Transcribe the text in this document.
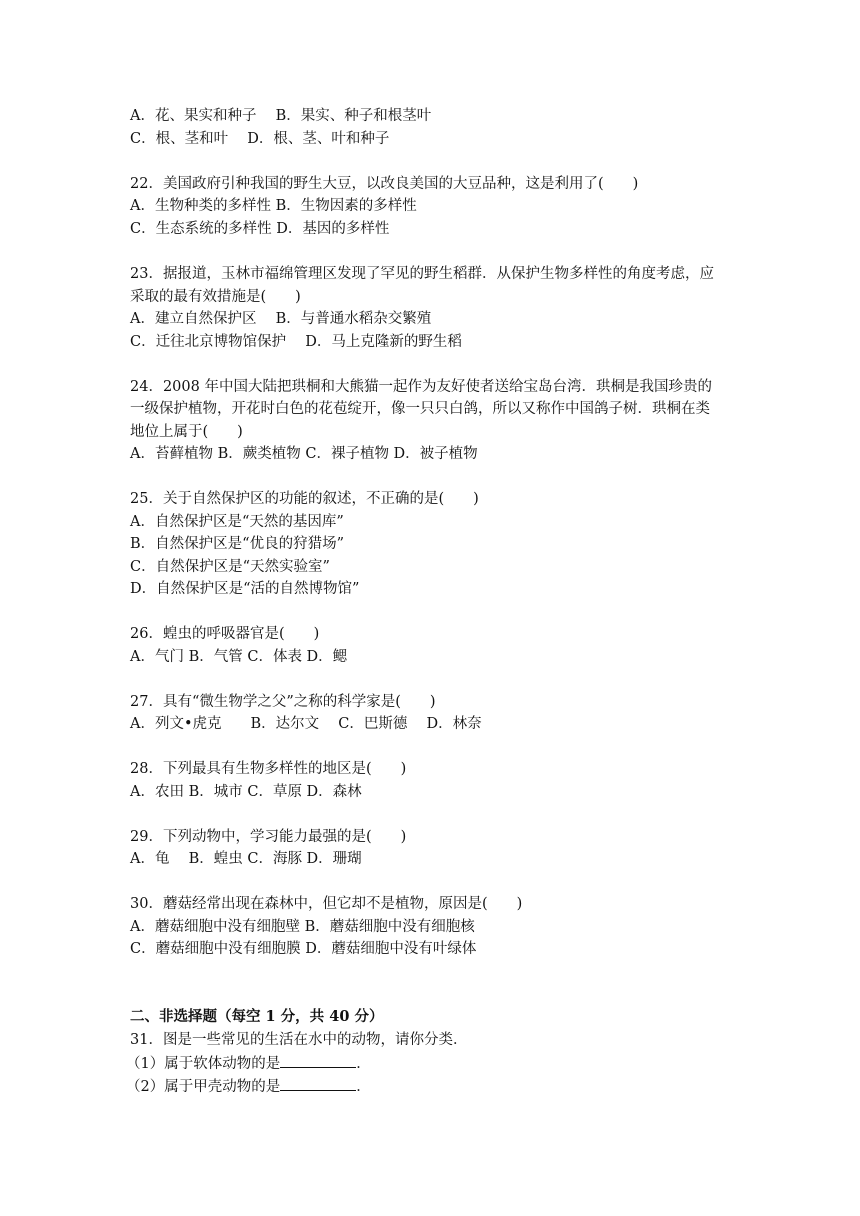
A．花、果实和种子　 B．果实、种子和根茎叶
C．根、茎和叶　 D．根、茎、叶和种子
22．美国政府引种我国的野生大豆，以改良美国的大豆品种，这是利用了(　　)
A．生物种类的多样性 B．生物因素的多样性
C．生态系统的多样性 D．基因的多样性
23．据报道，玉林市福绵管理区发现了罕见的野生稻群．从保护生物多样性的角度考虑，应
采取的最有效措施是(　　)
A．建立自然保护区　 B．与普通水稻杂交繁殖
C．迁往北京博物馆保护　 D．马上克隆新的野生稻
24．2008 年中国大陆把珙桐和大熊猫一起作为友好使者送给宝岛台湾．珙桐是我国珍贵的
一级保护植物，开花时白色的花苞绽开，像一只只白鸽，所以又称作中国鸽子树．珙桐在类
地位上属于(　　)
A．苔藓植物 B．蕨类植物 C．裸子植物 D．被子植物
25．关于自然保护区的功能的叙述，不正确的是(　　)
A．自然保护区是“天然的基因库”
B．自然保护区是“优良的狩猎场”
C．自然保护区是“天然实验室”
D．自然保护区是“活的自然博物馆”
26．蝗虫的呼吸器官是(　　)
A．气门 B．气管 C．体表 D．鳃
27．具有“微生物学之父”之称的科学家是(　　)
A．列文•虎克　　B．达尔文　 C．巴斯德　 D．林奈
28．下列最具有生物多样性的地区是(　　)
A．农田 B．城市 C．草原 D．森林
29．下列动物中，学习能力最强的是(　　)
A．龟　 B．蝗虫 C．海豚 D．珊瑚
30．蘑菇经常出现在森林中，但它却不是植物，原因是(　　)
A．蘑菇细胞中没有细胞壁 B．蘑菇细胞中没有细胞核
C．蘑菇细胞中没有细胞膜 D．蘑菇细胞中没有叶绿体
二、非选择题（每空 1 分，共 40 分）
31．图是一些常见的生活在水中的动物，请你分类．
（1）属于软体动物的是	．
（2）属于甲壳动物的是	．
